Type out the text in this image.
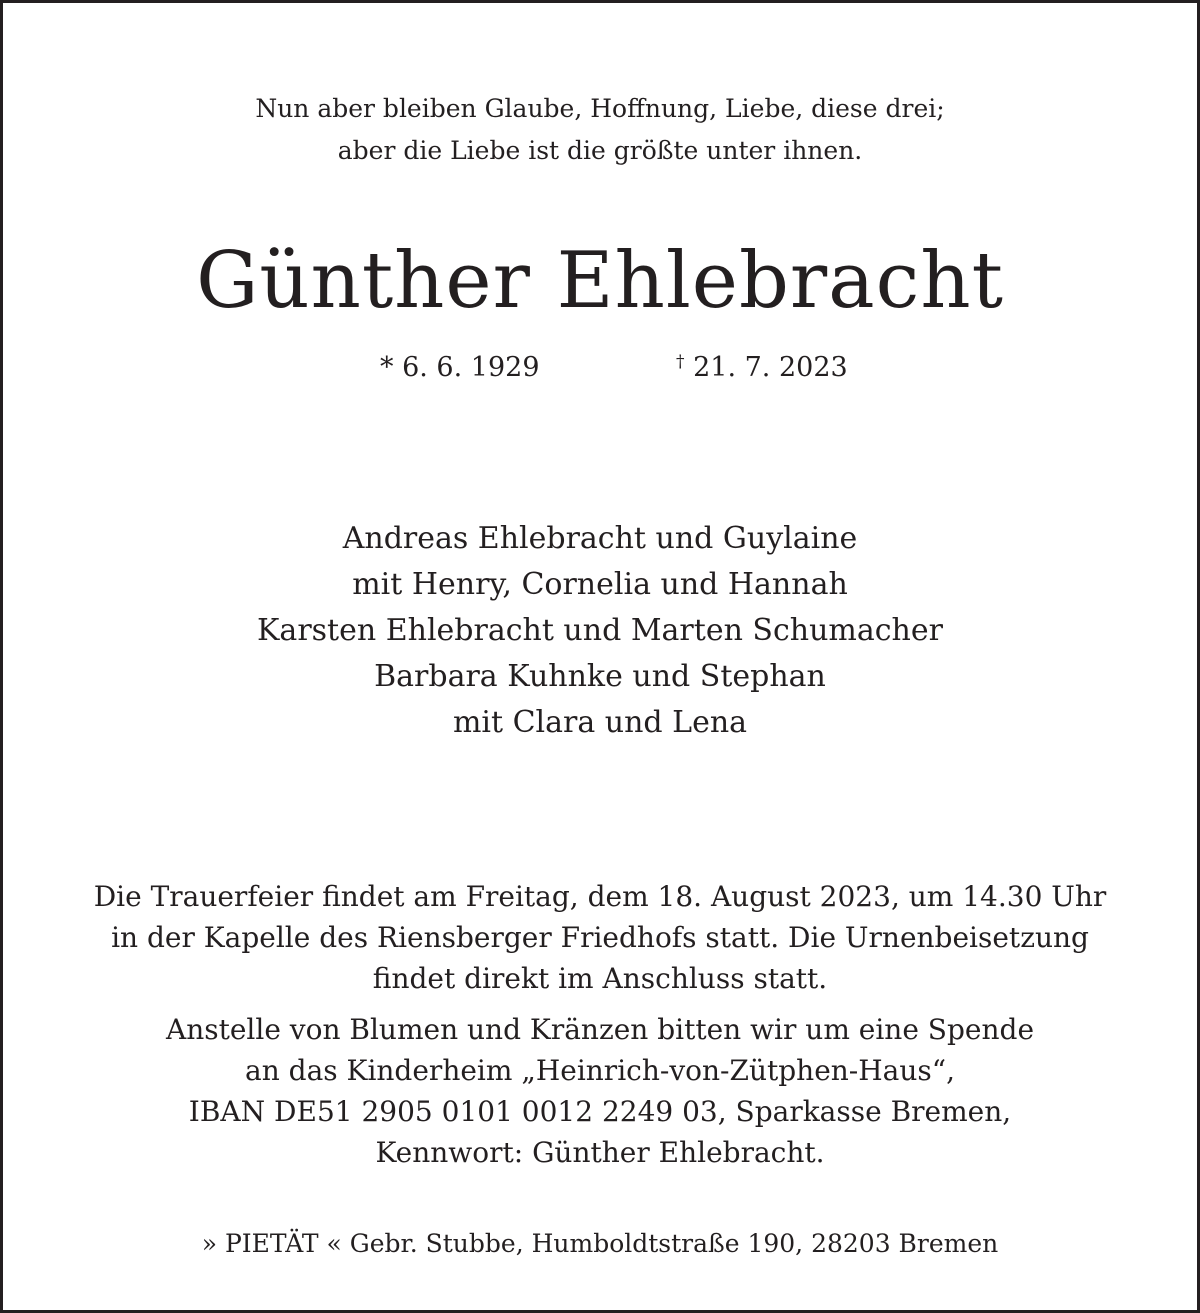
Nun aber bleiben Glaube, Hoffnung, Liebe, diese drei;
aber die Liebe ist die größte unter ihnen.
Günther Ehlebracht
* 6. 6. 1929	† 21. 7. 2023
Andreas Ehlebracht und Guylaine
mit Henry, Cornelia und Hannah
Karsten Ehlebracht und Marten Schumacher
Barbara Kuhnke und Stephan
mit Clara und Lena
Die Trauerfeier findet am Freitag, dem 18. August 2023, um 14.30 Uhr
in der Kapelle des Riensberger Friedhofs statt. Die Urnenbeisetzung
findet direkt im Anschluss statt.
Anstelle von Blumen und Kränzen bitten wir um eine Spende
an das Kinderheim „Heinrich-von-Zütphen-Haus“,
IBAN DE51 2905 0101 0012 2249 03, Sparkasse Bremen,
Kennwort: Günther Ehlebracht.
» PIETÄT « Gebr. Stubbe, Humboldtstraße 190, 28203 Bremen
